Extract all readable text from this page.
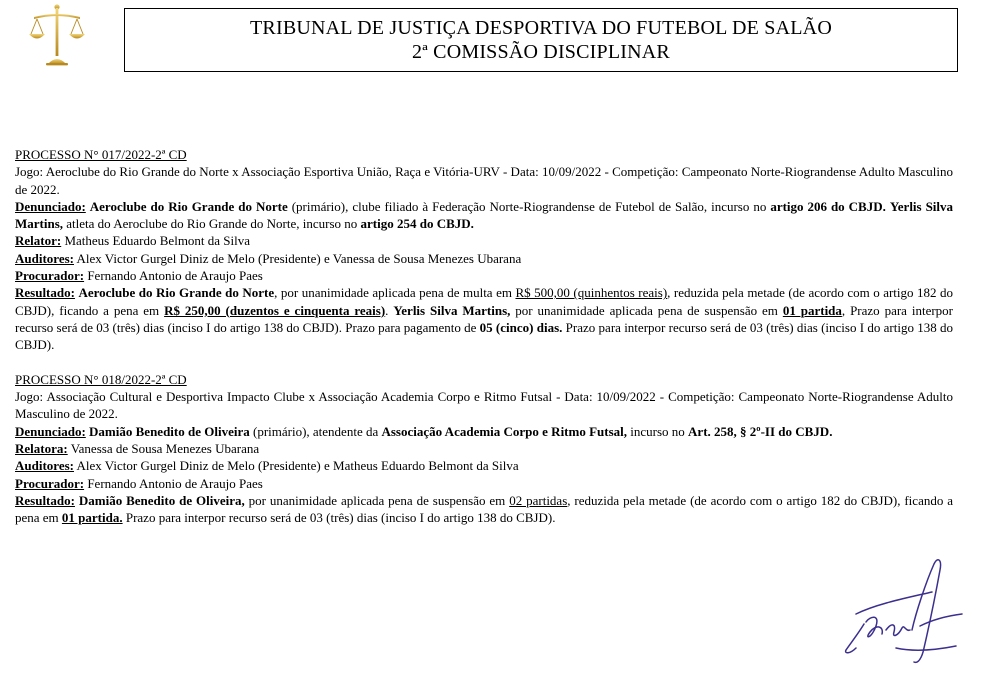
TRIBUNAL DE JUSTIÇA DESPORTIVA DO FUTEBOL DE SALÃO
2ª COMISSÃO DISCIPLINAR
PROCESSO N° 017/2022-2ª CD

Jogo: Aeroclube do Rio Grande do Norte x Associação Esportiva União, Raça e Vitória-URV - Data: 10/09/2022 - Competição: Campeonato Norte-Riograndense Adulto Masculino de 2022.

Denunciado: Aeroclube do Rio Grande do Norte (primário), clube filiado à Federação Norte-Riograndense de Futebol de Salão, incurso no artigo 206 do CBJD. Yerlis Silva Martins, atleta do Aeroclube do Rio Grande do Norte, incurso no artigo 254 do CBJD.

Relator: Matheus Eduardo Belmont da Silva

Auditores: Alex Victor Gurgel Diniz de Melo (Presidente) e Vanessa de Sousa Menezes Ubarana

Procurador: Fernando Antonio de Araujo Paes

Resultado: Aeroclube do Rio Grande do Norte, por unanimidade aplicada pena de multa em R$ 500,00 (quinhentos reais), reduzida pela metade (de acordo com o artigo 182 do CBJD), ficando a pena em R$ 250,00 (duzentos e cinquenta reais). Yerlis Silva Martins, por unanimidade aplicada pena de suspensão em 01 partida, Prazo para interpor recurso será de 03 (três) dias (inciso I do artigo 138 do CBJD). Prazo para pagamento de 05 (cinco) dias. Prazo para interpor recurso será de 03 (três) dias (inciso I do artigo 138 do CBJD).

PROCESSO N° 018/2022-2ª CD

Jogo: Associação Cultural e Desportiva Impacto Clube x Associação Academia Corpo e Ritmo Futsal - Data: 10/09/2022 - Competição: Campeonato Norte-Riograndense Adulto Masculino de 2022.

Denunciado: Damião Benedito de Oliveira (primário), atendente da Associação Academia Corpo e Ritmo Futsal, incurso no Art. 258, § 2º-II do CBJD.

Relatora: Vanessa de Sousa Menezes Ubarana

Auditores: Alex Victor Gurgel Diniz de Melo (Presidente) e Matheus Eduardo Belmont da Silva

Procurador: Fernando Antonio de Araujo Paes

Resultado: Damião Benedito de Oliveira, por unanimidade aplicada pena de suspensão em 02 partidas, reduzida pela metade (de acordo com o artigo 182 do CBJD), ficando a pena em 01 partida. Prazo para interpor recurso será de 03 (três) dias (inciso I do artigo 138 do CBJD).
